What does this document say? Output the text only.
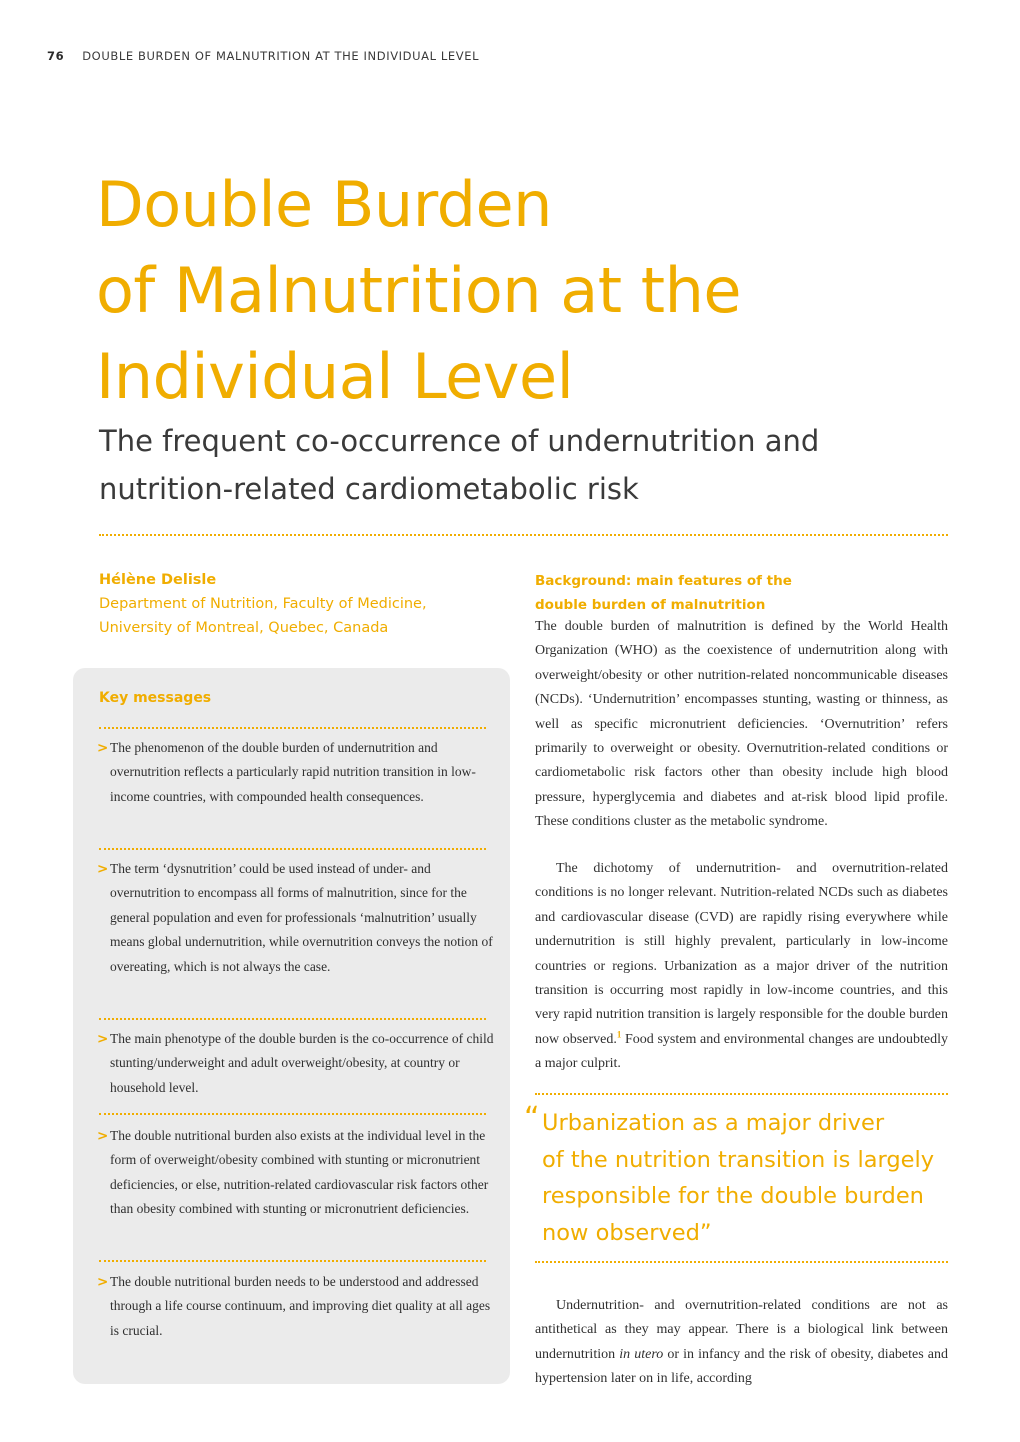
76 DOUBLE BURDEN OF MALNUTRITION AT THE INDIVIDUAL LEVEL
Double Burden
of Malnutrition at the
Individual Level
The frequent co-occurrence of undernutrition and
nutrition-related cardiometabolic risk
Hélène Delisle
Department of Nutrition, Faculty of Medicine,
University of Montreal, Quebec, Canada
Key messages
> The phenomenon of the double burden of undernutrition and overnutrition reflects a particularly rapid nutrition transition in low-income countries, with compounded health consequences.
> The term ‘dysnutrition’ could be used instead of under- and overnutrition to encompass all forms of malnutrition, since for the general population and even for professionals ‘malnutrition’ usually means global undernutrition, while overnutrition conveys the notion of overeating, which is not always the case.
> The main phenotype of the double burden is the co-occurrence of child stunting/underweight and adult overweight/obesity, at country or household level.
> The double nutritional burden also exists at the individual level in the form of overweight/obesity combined with stunting or micronutrient deficiencies, or else, nutrition-related cardiovascular risk factors other than obesity combined with stunting or micronutrient deficiencies.
> The double nutritional burden needs to be understood and addressed through a life course continuum, and improving diet quality at all ages is crucial.
Background: main features of the
double burden of malnutrition

The double burden of malnutrition is defined by the World Health Organization (WHO) as the coexistence of undernutrition along with overweight/obesity or other nutrition-related noncommunicable diseases (NCDs). ‘Undernutrition’ encompasses stunting, wasting or thinness, as well as specific micronutrient deficiencies. ‘Overnutrition’ refers primarily to overweight or obesity. Overnutrition-related conditions or cardiometabolic risk factors other than obesity include high blood pressure, hyperglycemia and diabetes and at-risk blood lipid profile. These conditions cluster as the metabolic syndrome.

The dichotomy of undernutrition- and overnutrition-related conditions is no longer relevant. Nutrition-related NCDs such as diabetes and cardiovascular disease (CVD) are rapidly rising everywhere while undernutrition is still highly prevalent, particularly in low-income countries or regions. Urbanization as a major driver of the nutrition transition is occurring most rapidly in low-income countries, and this very rapid nutrition transition is largely responsible for the double burden now observed.$^1$ Food system and environmental changes are undoubtedly a major culprit.

“ Urbanization as a major driver
of the nutrition transition is largely
responsible for the double burden
now observed”

Undernutrition- and overnutrition-related conditions are not as antithetical as they may appear. There is a biological link between undernutrition in utero or in infancy and the risk of obesity, diabetes and hypertension later on in life, according
